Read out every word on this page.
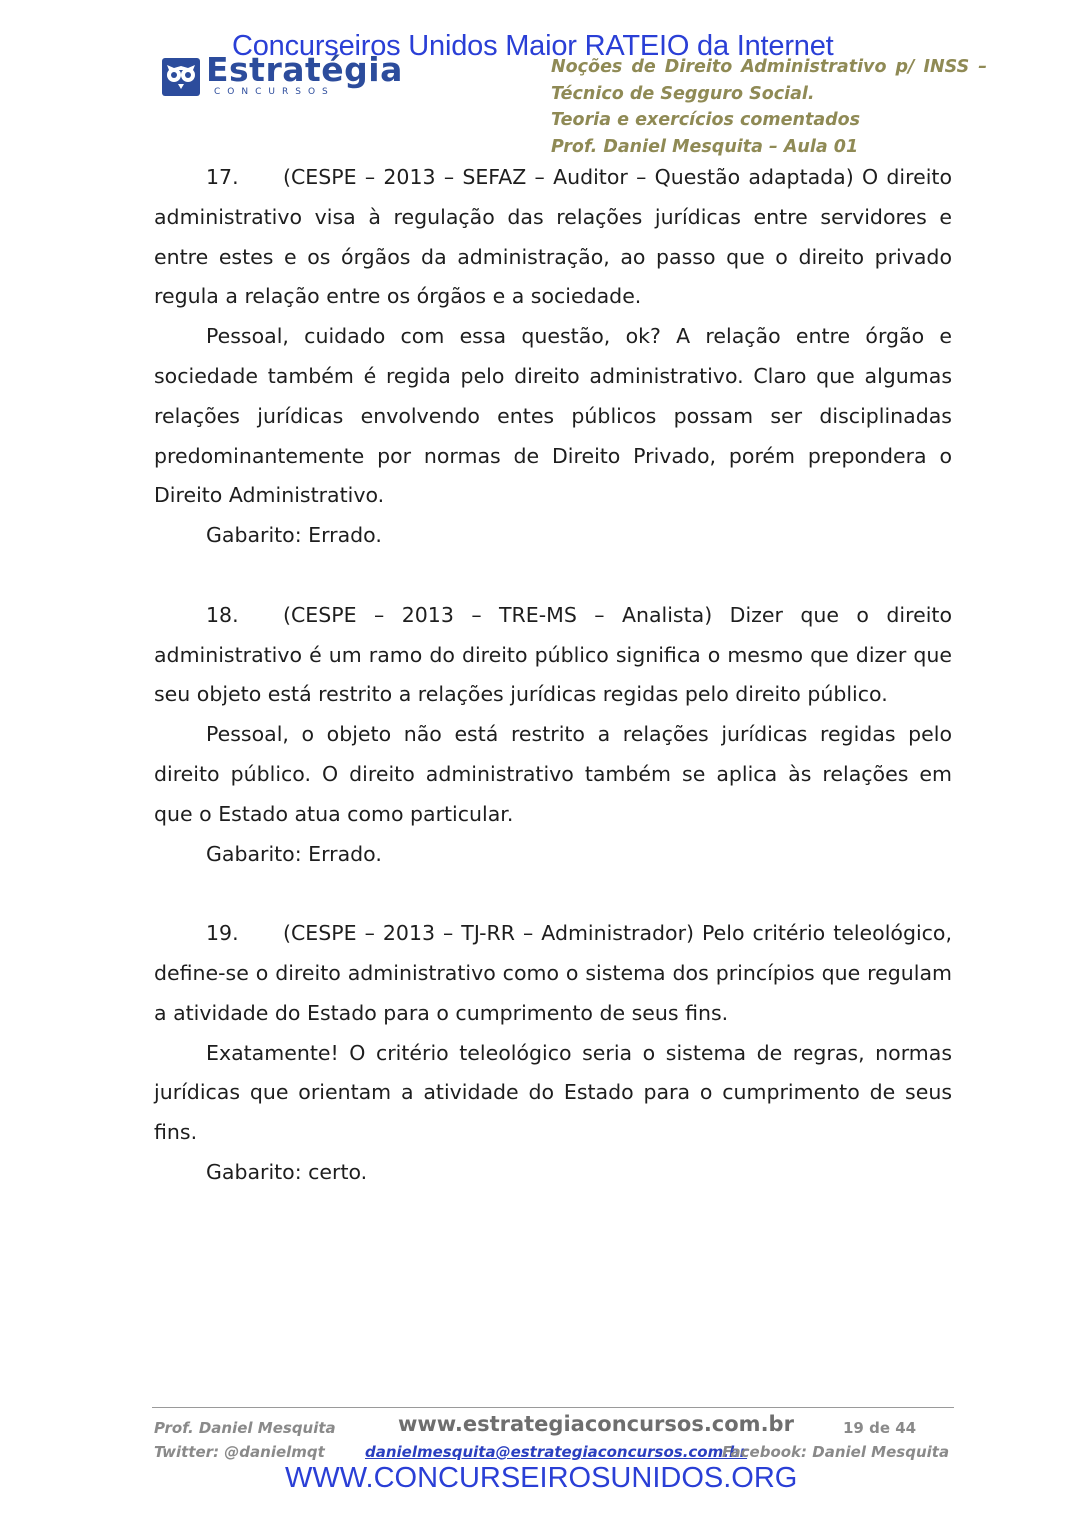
Concurseiros Unidos Maior RATEIO da Internet
Estratégia
CONCURSOS
Noções de Direito Administrativo p/ INSS –
Técnico de Segguro Social.
Teoria e exercícios comentados
Prof. Daniel Mesquita – Aula 01

17. (CESPE – 2013 – SEFAZ – Auditor – Questão adaptada) O direito administrativo visa à regulação das relações jurídicas entre servidores e entre estes e os órgãos da administração, ao passo que o direito privado regula a relação entre os órgãos e a sociedade.

Pessoal, cuidado com essa questão, ok? A relação entre órgão e sociedade também é regida pelo direito administrativo. Claro que algumas relações jurídicas envolvendo entes públicos possam ser disciplinadas predominantemente por normas de Direito Privado, porém prepondera o Direito Administrativo.

Gabarito: Errado.

18. (CESPE – 2013 – TRE-MS – Analista) Dizer que o direito administrativo é um ramo do direito público significa o mesmo que dizer que seu objeto está restrito a relações jurídicas regidas pelo direito público.

Pessoal, o objeto não está restrito a relações jurídicas regidas pelo direito público. O direito administrativo também se aplica às relações em que o Estado atua como particular.

Gabarito: Errado.

19. (CESPE – 2013 – TJ-RR – Administrador) Pelo critério teleológico, define-se o direito administrativo como o sistema dos princípios que regulam a atividade do Estado para o cumprimento de seus fins.

Exatamente! O critério teleológico seria o sistema de regras, normas jurídicas que orientam a atividade do Estado para o cumprimento de seus fins.

Gabarito: certo.

Prof. Daniel Mesquita	www.estrategiaconcursos.com.br	19 de 44
Twitter: @danielmqt	danielmesquita@estrategiaconcursos.com.br
Facebook: Daniel Mesquita
WWW.CONCURSEIROSUNIDOS.ORG
